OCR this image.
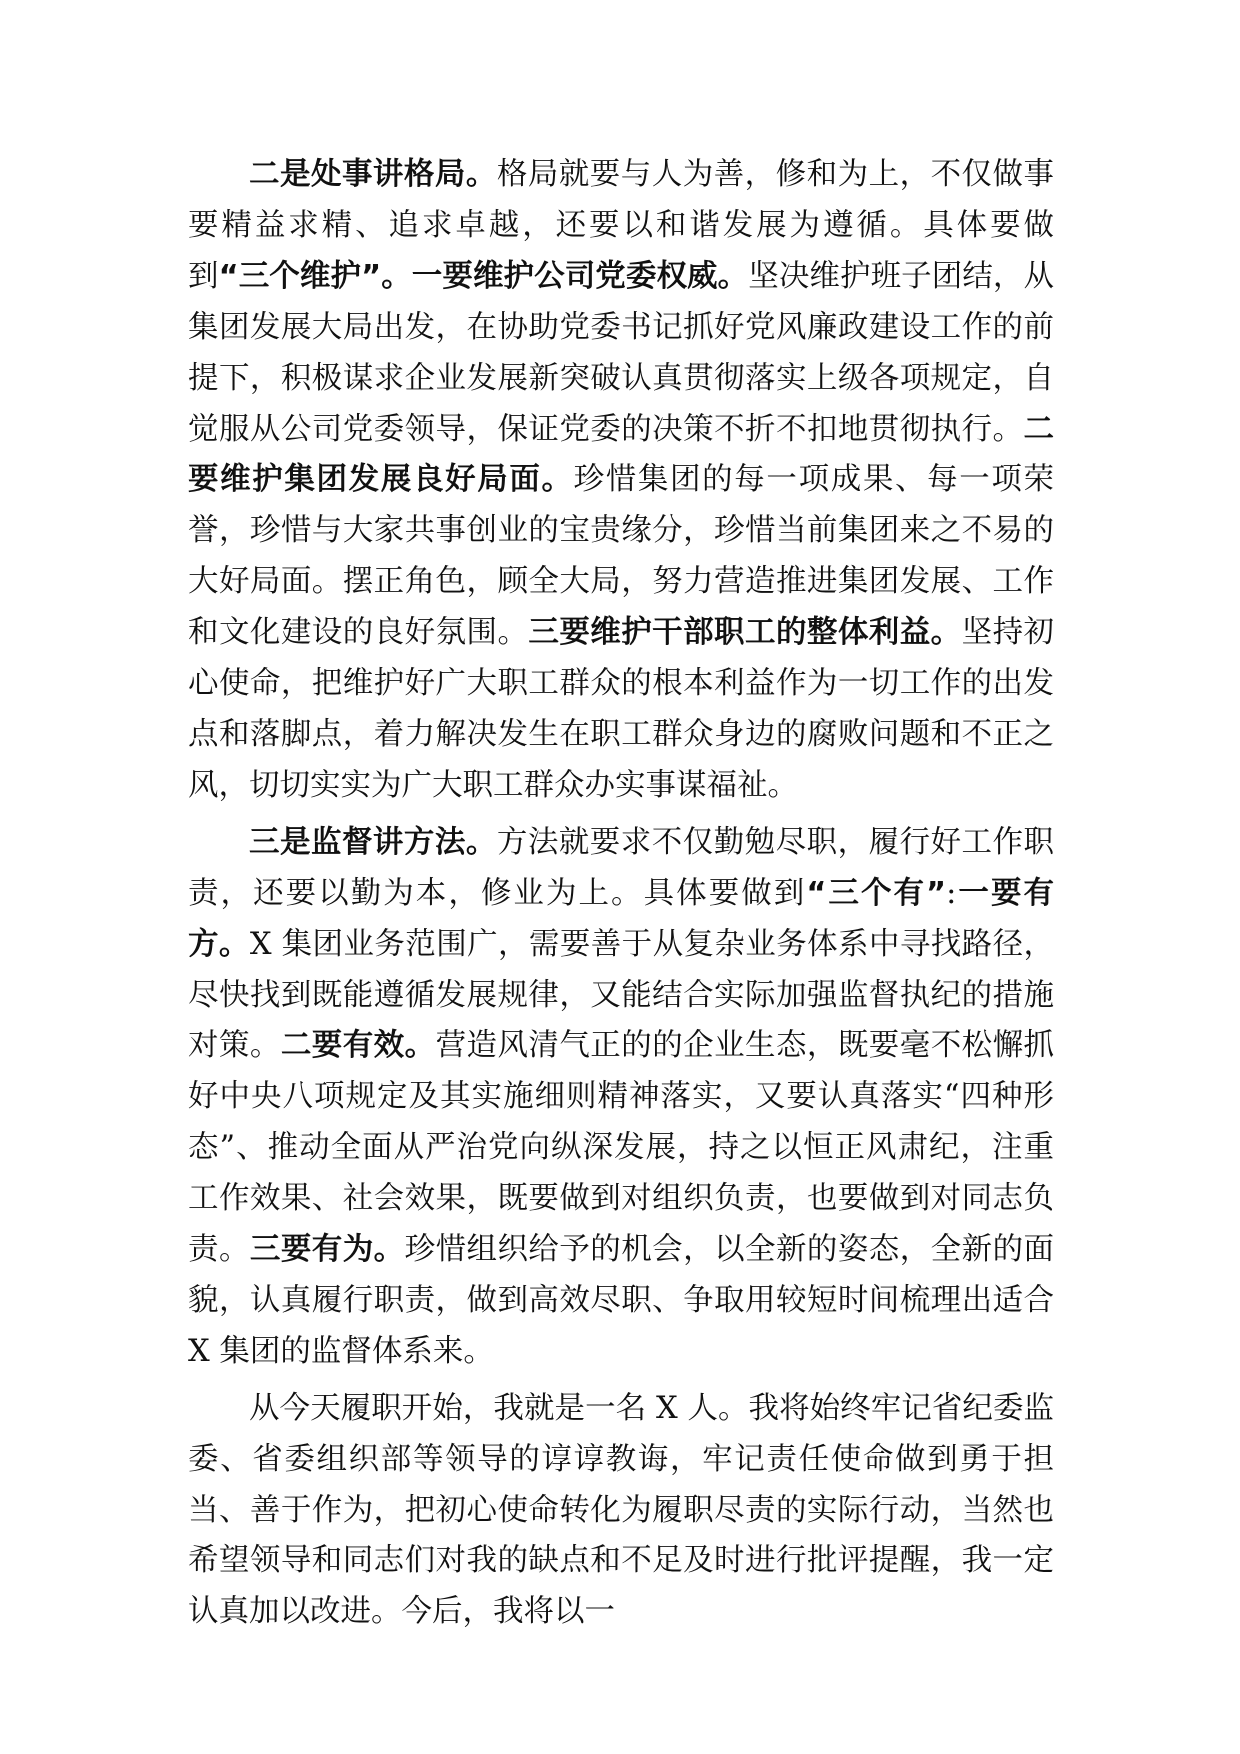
二是处事讲格局。格局就要与人为善，修和为上，不仅做事要精益求精、追求卓越，还要以和谐发展为遵循。具体要做到“三个维护”。一要维护公司党委权威。坚决维护班子团结，从集团发展大局出发，在协助党委书记抓好党风廉政建设工作的前提下，积极谋求企业发展新突破认真贯彻落实上级各项规定，自觉服从公司党委领导，保证党委的决策不折不扣地贯彻执行。二要维护集团发展良好局面。珍惜集团的每一项成果、每一项荣誉，珍惜与大家共事创业的宝贵缘分，珍惜当前集团来之不易的大好局面。摆正角色，顾全大局，努力营造推进集团发展、工作和文化建设的良好氛围。三要维护干部职工的整体利益。坚持初心使命，把维护好广大职工群众的根本利益作为一切工作的出发点和落脚点，着力解决发生在职工群众身边的腐败问题和不正之风，切切实实为广大职工群众办实事谋福祉。

三是监督讲方法。方法就要求不仅勤勉尽职，履行好工作职责，还要以勤为本，修业为上。具体要做到“三个有”:一要有方。X 集团业务范围广，需要善于从复杂业务体系中寻找路径，尽快找到既能遵循发展规律，又能结合实际加强监督执纪的措施对策。二要有效。营造风清气正的的企业生态，既要毫不松懈抓好中央八项规定及其实施细则精神落实，又要认真落实“四种形态”、推动全面从严治党向纵深发展，持之以恒正风肃纪，注重工作效果、社会效果，既要做到对组织负责，也要做到对同志负责。三要有为。珍惜组织给予的机会，以全新的姿态，全新的面貌，认真履行职责，做到高效尽职、争取用较短时间梳理出适合 X 集团的监督体系来。

从今天履职开始，我就是一名 X 人。我将始终牢记省纪委监委、省委组织部等领导的谆谆教诲，牢记责任使命做到勇于担当、善于作为，把初心使命转化为履职尽责的实际行动，当然也希望领导和同志们对我的缺点和不足及时进行批评提醒，我一定认真加以改进。今后，我将以一
